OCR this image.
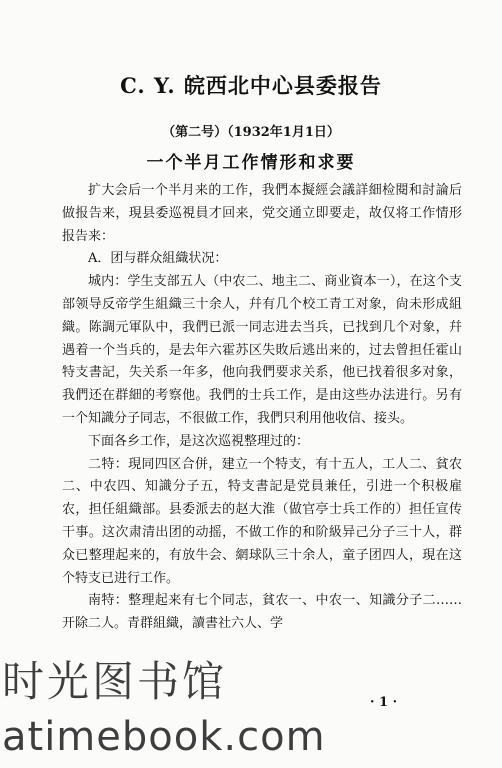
C. Y. 皖西北中心县委报告
（第二号）（1932年1月1日）
一个半月工作情形和求要

扩大会后一个半月来的工作，我們本擬經会議詳細检閱和討論后做报告来，現县委巡視員才回来，党交通立即要走，故仅将工作情形报告来：

A．团与群众組織状况：

城内：学生支部五人（中农二、地主二、商业資本一），在这个支部领导反帝学生組織三十余人，幷有几个校工青工对象，尙未形成組織。陈調元軍队中，我們已派一同志进去当兵，已找到几个对象，幷遇着一个当兵的，是去年六霍苏区失敗后逃出来的，过去曾担任霍山特支書記，失关系一年多，他向我們要求关系，他已找着很多对象，我們还在群細的考察他。我們的士兵工作，是由这些办法进行。另有一个知識分子同志，不很做工作，我們只利用他收信、接头。

下面各乡工作，是这次巡視整理过的：

二特：現同四区合併，建立一个特支，有十五人，工人二、貧农二、中农四、知識分子五，特支書記是党員兼任，引进一个积极雇农，担任組織部。县委派去的赵大淮（做官亭士兵工作的）担任宣传干事。这次肃清出团的动摇，不做工作的和阶級异己分子三十人，群众已整理起来的，有放牛会、網球队三十余人，童子团四人，現在这个特支已进行工作。

南特：整理起来有七个同志，貧农一、中农一、知識分子二……开除二人。青群組織，讀書社六人、学

· 1 ·
时光图书馆
atimebook.com
